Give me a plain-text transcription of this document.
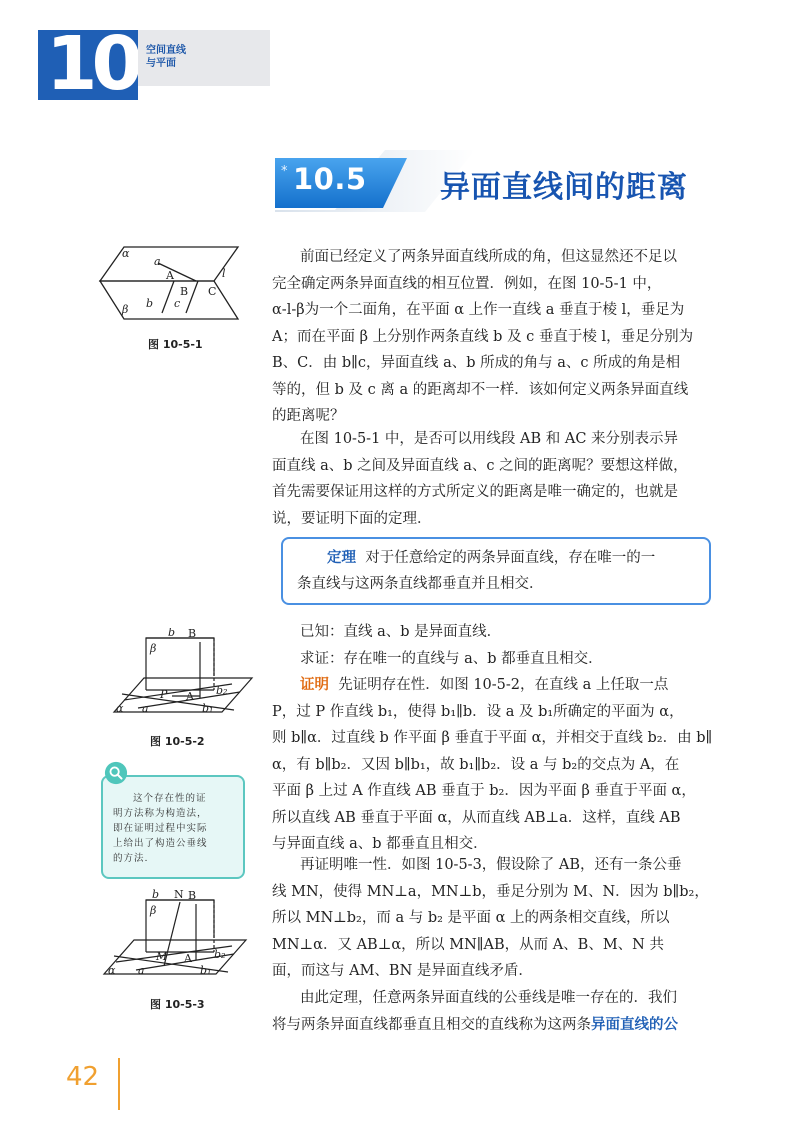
10 空间直线
与平面
* 10.5 异面直线间的距离
α
a
A	l
B C
b c
β
图 10-5-1
前面已经定义了两条异面直线所成的角，但这显然还不足以
完全确定两条异面直线的相互位置．例如，在图 10-5-1 中，
α-l-β为一个二面角，在平面 α 上作一直线 a 垂直于棱 l，垂足为
A；而在平面 β 上分别作两条直线 b 及 c 垂直于棱 l，垂足分别为
B、C．由 b∥c，异面直线 a、b 所成的角与 a、c 所成的角是相
等的，但 b 及 c 离 a 的距离却不一样．该如何定义两条异面直线
的距离呢？
在图 10-5-1 中，是否可以用线段 AB 和 AC 来分别表示异
面直线 a、b 之间及异面直线 a、c 之间的距离呢？要想这样做，
首先需要保证用这样的方式所定义的距离是唯一确定的，也就是
说，要证明下面的定理．
定理 对于任意给定的两条异面直线，存在唯一的一
条直线与这两条直线都垂直并且相交．
b B
β
P A b₂
α a	b₁
图 10-5-2
已知：直线 a、b 是异面直线．
求证：存在唯一的直线与 a、b 都垂直且相交．
证明 先证明存在性．如图 10-5-2，在直线 a 上任取一点
P，过 P 作直线 b₁，使得 b₁∥b．设 a 及 b₁所确定的平面为 α，
则 b∥α．过直线 b 作平面 β 垂直于平面 α，并相交于直线 b₂．由 b∥
α，有 b∥b₂．又因 b∥b₁，故 b₁∥b₂．设 a 与 b₂的交点为 A，在
平面 β 上过 A 作直线 AB 垂直于 b₂．因为平面 β 垂直于平面 α，
所以直线 AB 垂直于平面 α，从而直线 AB⊥a．这样，直线 AB
与异面直线 a、b 都垂直且相交．
这个存在性的证
明方法称为构造法，
即在证明过程中实际
上给出了构造公垂线
的方法.	再证明唯一性．如图 10-5-3，假设除了 AB，还有一条公垂
线 MN，使得 MN⊥a，MN⊥b，垂足分别为 M、N．因为 b∥b₂，
所以 MN⊥b₂，而 a 与 b₂ 是平面 α 上的两条相交直线，所以
MN⊥α．又 AB⊥α，所以 MN∥AB，从而 A、B、M、N 共
面，而这与 AM、BN 是异面直线矛盾．
b N B
β
M A b₂
α a	b₁
图 10-5-3	由此定理，任意两条异面直线的公垂线是唯一存在的．我们
将与两条异面直线都垂直且相交的直线称为这两条异面直线的公
42
